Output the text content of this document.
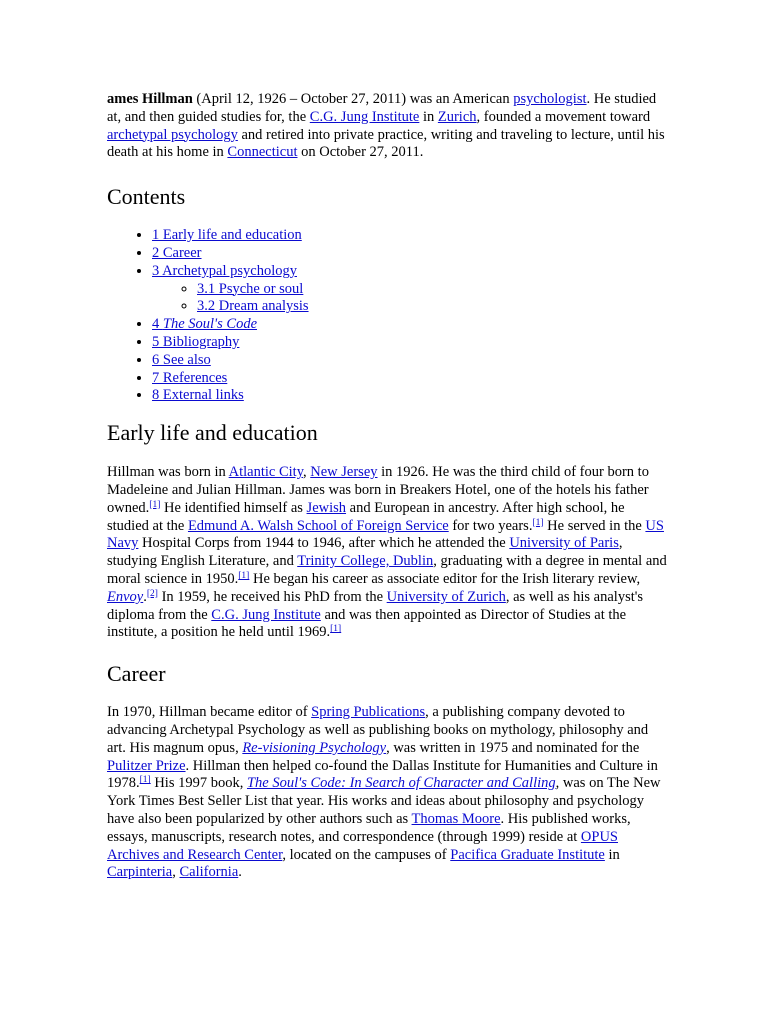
ames Hillman (April 12, 1926 – October 27, 2011) was an American psychologist. He studied at, and then guided studies for, the C.G. Jung Institute in Zurich, founded a movement toward archetypal psychology and retired into private practice, writing and traveling to lecture, until his death at his home in Connecticut on October 27, 2011.

Contents
• 1 Early life and education
• 2 Career
• 3 Archetypal psychology
◦ 3.1 Psyche or soul
◦ 3.2 Dream analysis
• 4 The Soul's Code
• 5 Bibliography
• 6 See also
• 7 References
• 8 External links
Early life and education

Hillman was born in Atlantic City, New Jersey in 1926. He was the third child of four born to Madeleine and Julian Hillman. James was born in Breakers Hotel, one of the hotels his father owned.[1] He identified himself as Jewish and European in ancestry. After high school, he studied at the Edmund A. Walsh School of Foreign Service for two years.[1] He served in the US Navy Hospital Corps from 1944 to 1946, after which he attended the University of Paris, studying English Literature, and Trinity College, Dublin, graduating with a degree in mental and moral science in 1950.[1] He began his career as associate editor for the Irish literary review, Envoy.[2] In 1959, he received his PhD from the University of Zurich, as well as his analyst's diploma from the C.G. Jung Institute and was then appointed as Director of Studies at the institute, a position he held until 1969.[1]

Career

In 1970, Hillman became editor of Spring Publications, a publishing company devoted to advancing Archetypal Psychology as well as publishing books on mythology, philosophy and art. His magnum opus, Re-visioning Psychology, was written in 1975 and nominated for the Pulitzer Prize. Hillman then helped co-found the Dallas Institute for Humanities and Culture in 1978.[1] His 1997 book, The Soul's Code: In Search of Character and Calling, was on The New York Times Best Seller List that year. His works and ideas about philosophy and psychology have also been popularized by other authors such as Thomas Moore. His published works, essays, manuscripts, research notes, and correspondence (through 1999) reside at OPUS Archives and Research Center, located on the campuses of Pacifica Graduate Institute in Carpinteria, California.
